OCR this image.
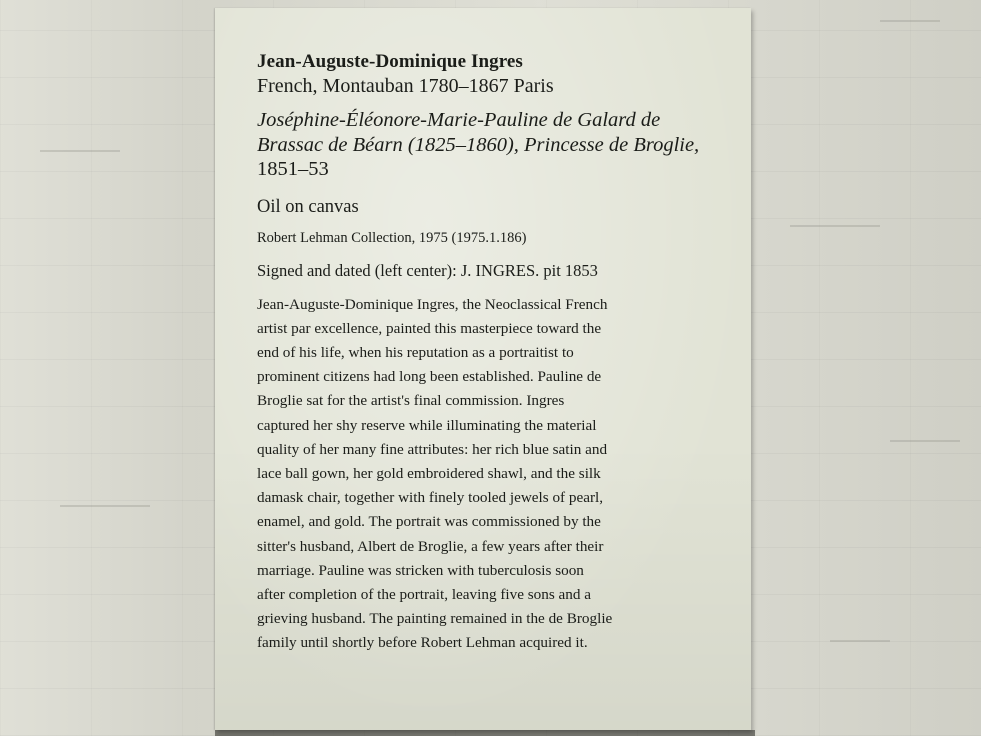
Jean-Auguste-Dominique Ingres
French, Montauban 1780–1867 Paris
Joséphine-Éléonore-Marie-Pauline de Galard de Brassac de Béarn (1825–1860), Princesse de Broglie, 1851–53
Oil on canvas
Robert Lehman Collection, 1975 (1975.1.186)
Signed and dated (left center): J. INGRES. pit 1853
Jean-Auguste-Dominique Ingres, the Neoclassical French
artist par excellence, painted this masterpiece toward the
end of his life, when his reputation as a portraitist to
prominent citizens had long been established. Pauline de
Broglie sat for the artist's final commission. Ingres
captured her shy reserve while illuminating the material
quality of her many fine attributes: her rich blue satin and
lace ball gown, her gold embroidered shawl, and the silk
damask chair, together with finely tooled jewels of pearl,
enamel, and gold. The portrait was commissioned by the
sitter's husband, Albert de Broglie, a few years after their
marriage. Pauline was stricken with tuberculosis soon
after completion of the portrait, leaving five sons and a
grieving husband. The painting remained in the de Broglie
family until shortly before Robert Lehman acquired it.
